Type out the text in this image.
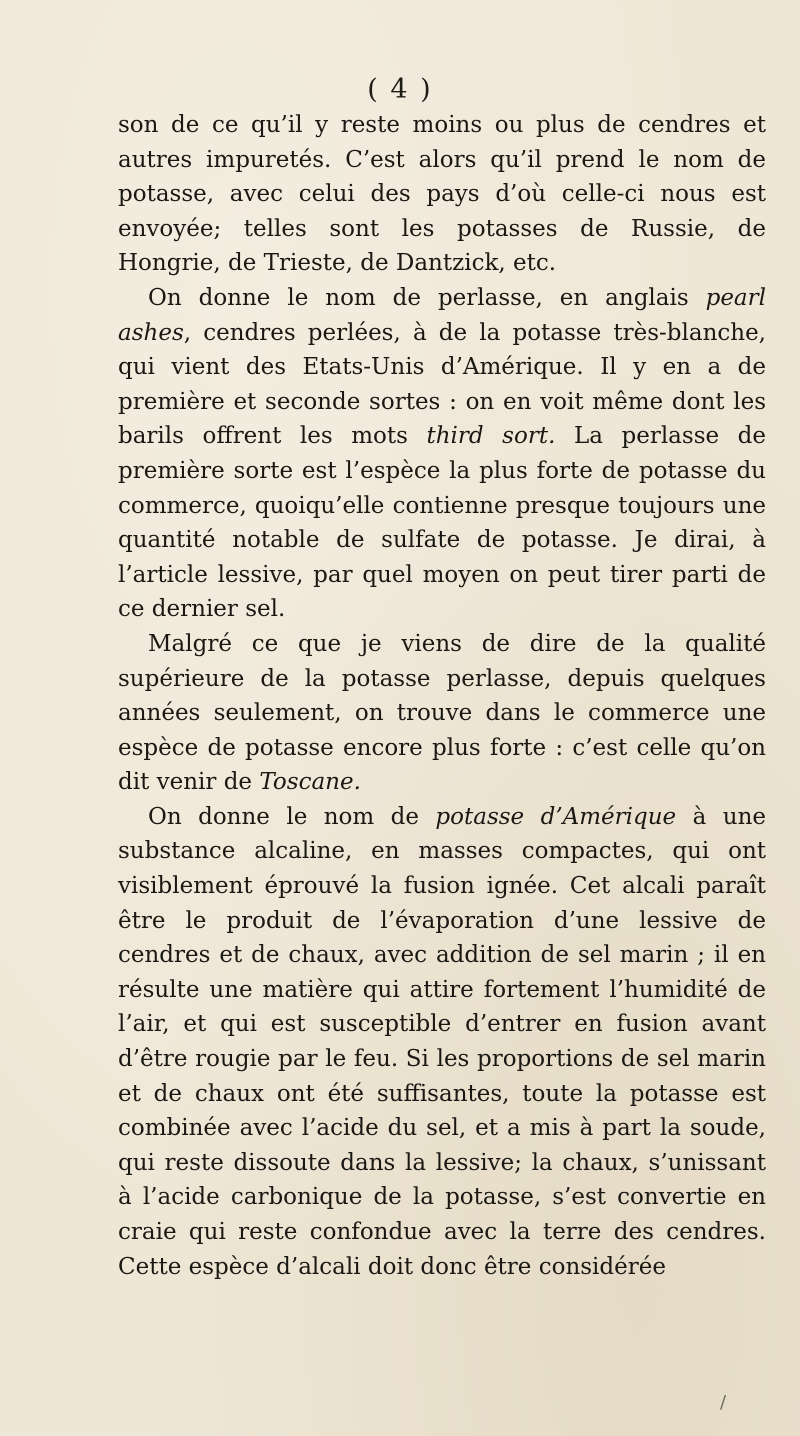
( 4 )

son de ce qu’il y reste moins ou plus de cendres et autres impuretés. C’est alors qu’il prend le nom de potasse, avec celui des pays d’où celle-ci nous est envoyée; telles sont les potasses de Russie, de Hongrie, de Trieste, de Dantzick, etc.

On donne le nom de perlasse, en anglais pearl ashes, cendres perlées, à de la potasse très-blanche, qui vient des Etats-Unis d’Amérique. Il y en a de première et seconde sortes : on en voit même dont les barils offrent les mots third sort. La perlasse de première sorte est l’espèce la plus forte de potasse du commerce, quoiqu’elle contienne presque toujours une quantité notable de sulfate de potasse. Je dirai, à l’article lessive, par quel moyen on peut tirer parti de ce dernier sel.

Malgré ce que je viens de dire de la qualité supérieure de la potasse perlasse, depuis quelques années seulement, on trouve dans le commerce une espèce de potasse encore plus forte : c’est celle qu’on dit venir de Toscane.

On donne le nom de potasse d’Amérique à une substance alcaline, en masses compactes, qui ont visiblement éprouvé la fusion ignée. Cet alcali paraît être le produit de l’évaporation d’une lessive de cendres et de chaux, avec addition de sel marin ; il en résulte une matière qui attire fortement l’humidité de l’air, et qui est susceptible d’entrer en fusion avant d’être rougie par le feu. Si les proportions de sel marin et de chaux ont été suffisantes, toute la potasse est combinée avec l’acide du sel, et a mis à part la soude, qui reste dissoute dans la lessive; la chaux, s’unissant à l’acide carbonique de la potasse, s’est convertie en craie qui reste confondue avec la terre des cendres. Cette espèce d’alcali doit donc être considérée

/
